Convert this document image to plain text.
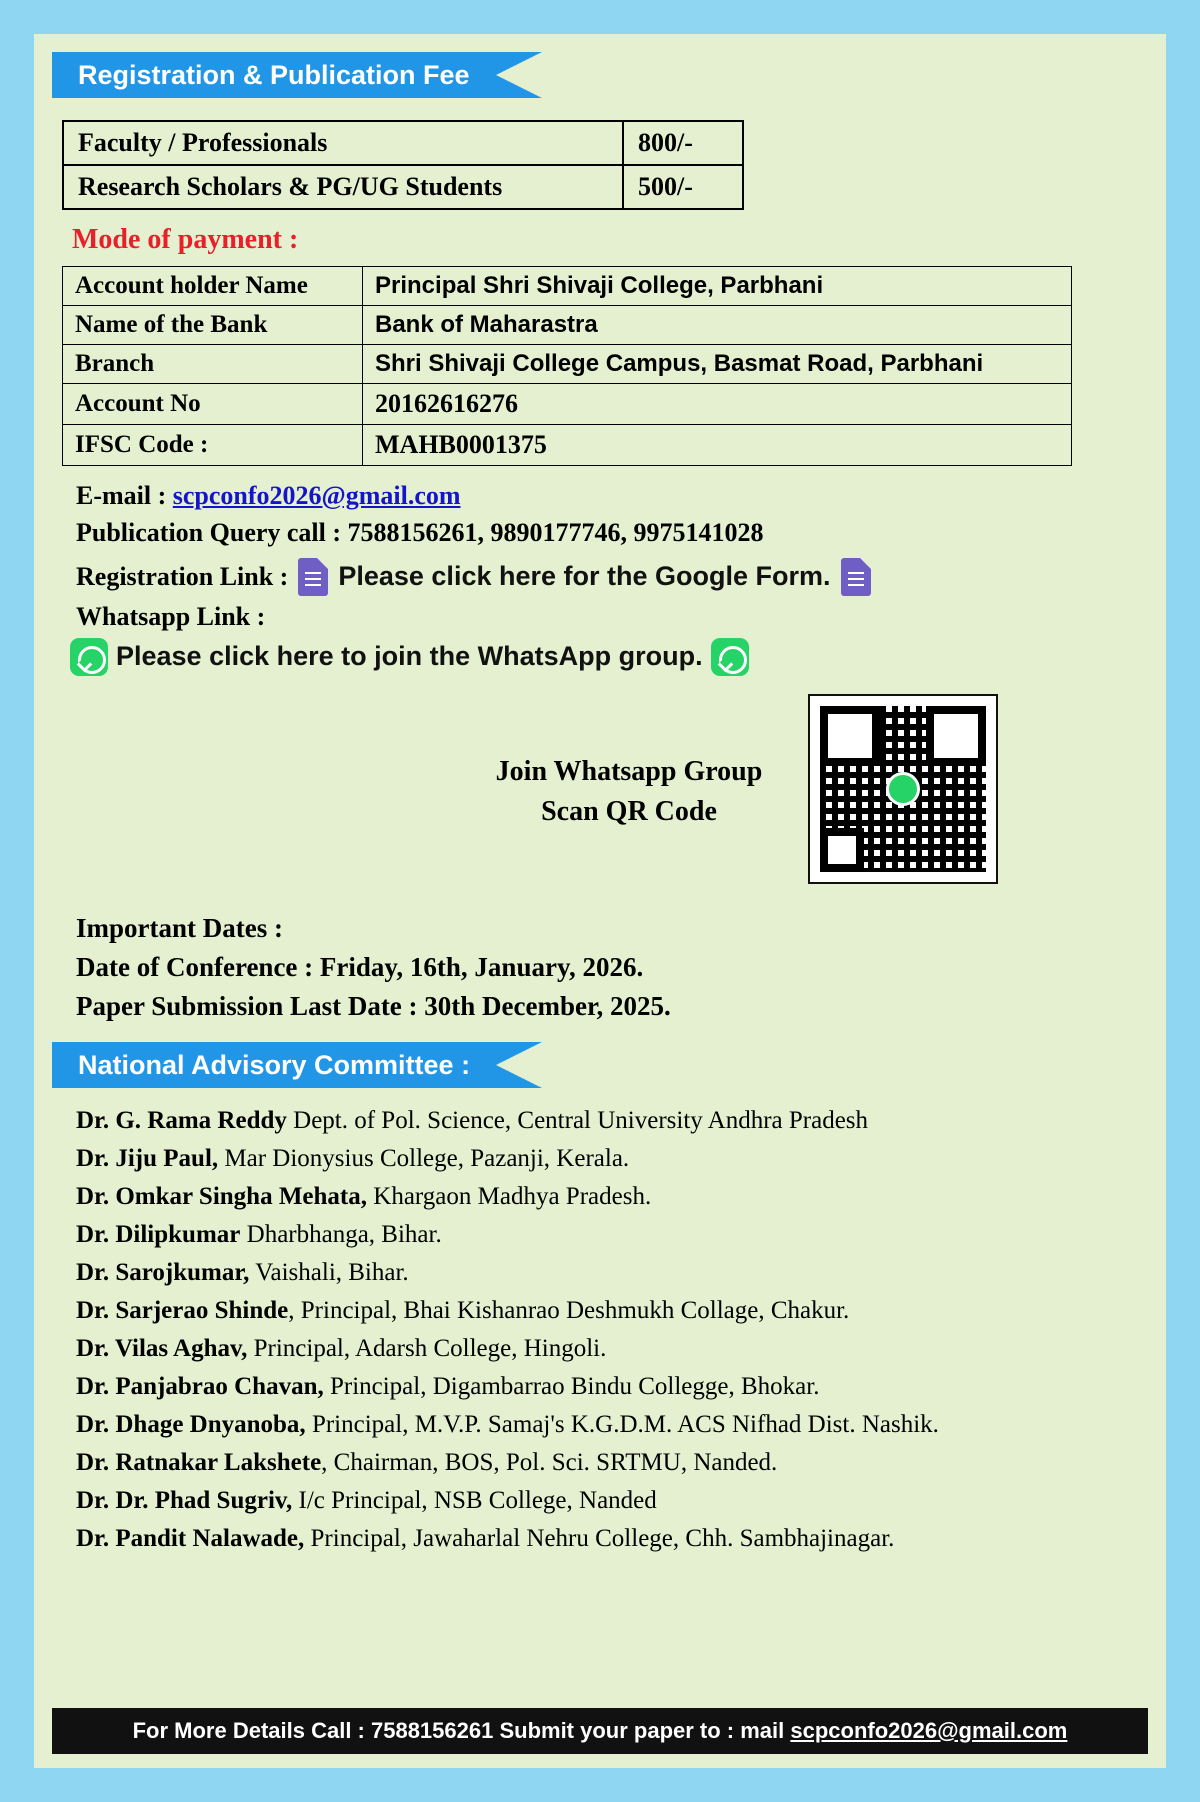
Registration & Publication Fee
Faculty / Professionals	800/-
Research Scholars & PG/UG Students	500/-
Mode of payment :
Account holder Name	Principal Shri Shivaji College, Parbhani
Name of the Bank	Bank of Maharastra
Branch	Shri Shivaji College Campus, Basmat Road, Parbhani
Account No	20162616276
IFSC Code :	MAHB0001375
E-mail : scpconfo2026@gmail.com
Publication Query call : 7588156261, 9890177746, 9975141028
Registration Link : Please click here for the Google Form.
Whatsapp Link :
Please click here to join the WhatsApp group.
Join Whatsapp Group
Scan QR Code
Important Dates :
Date of Conference : Friday, 16th, January, 2026.
Paper Submission Last Date : 30th December, 2025.
National Advisory Committee :
Dr. G. Rama Reddy Dept. of Pol. Science, Central University Andhra Pradesh
Dr. Jiju Paul, Mar Dionysius College, Pazanji, Kerala.
Dr. Omkar Singha Mehata, Khargaon Madhya Pradesh.
Dr. Dilipkumar Dharbhanga, Bihar.
Dr. Sarojkumar, Vaishali, Bihar.
Dr. Sarjerao Shinde, Principal, Bhai Kishanrao Deshmukh Collage, Chakur.
Dr. Vilas Aghav, Principal, Adarsh College, Hingoli.
Dr. Panjabrao Chavan, Principal, Digambarrao Bindu Collegge, Bhokar.
Dr. Dhage Dnyanoba, Principal, M.V.P. Samaj's K.G.D.M. ACS Nifhad Dist. Nashik.
Dr. Ratnakar Lakshete, Chairman, BOS, Pol. Sci. SRTMU, Nanded.
Dr. Dr. Phad Sugriv, I/c Principal, NSB College, Nanded
Dr. Pandit Nalawade, Principal, Jawaharlal Nehru College, Chh. Sambhajinagar.
For More Details Call : 7588156261 Submit your paper to : mail scpconfo2026@gmail.com
